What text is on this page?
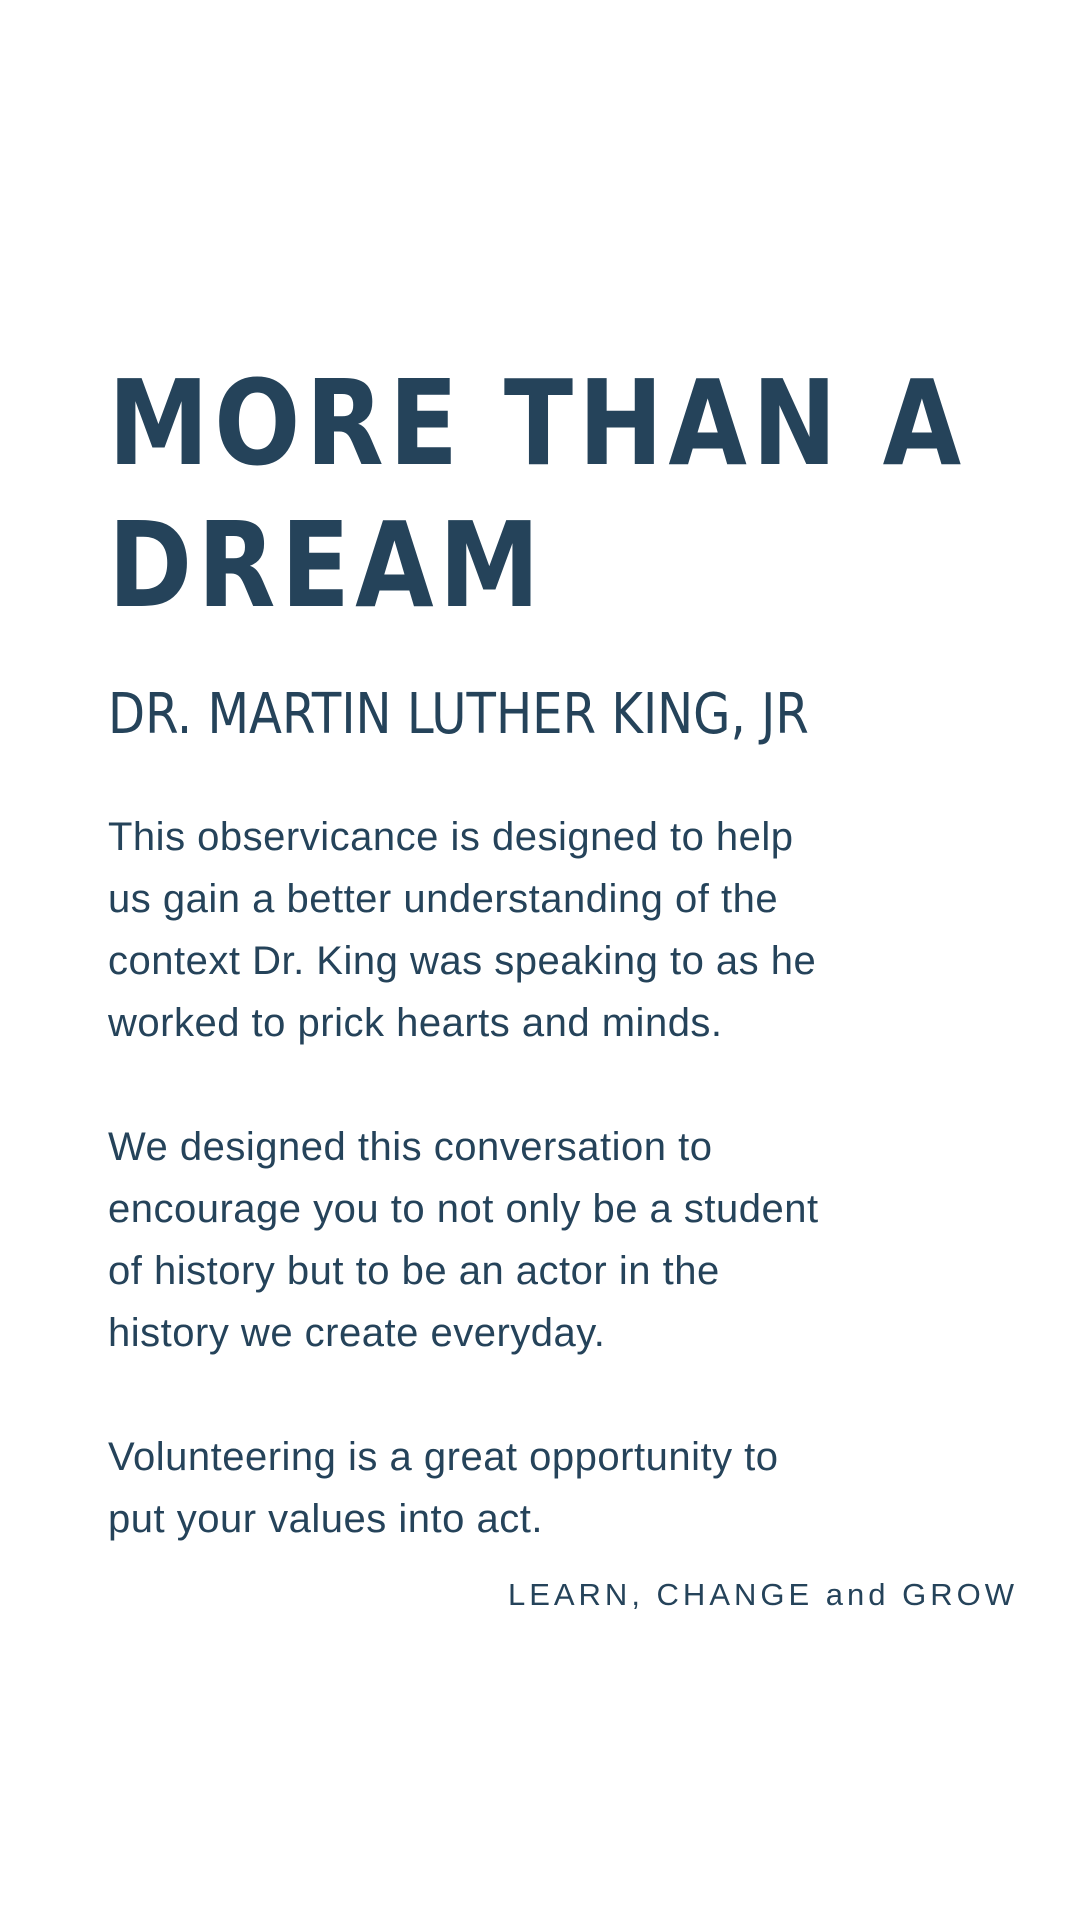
MORE THAN A
DREAM
DR. MARTIN LUTHER KING, JR

This observicance is designed to help
us gain a better understanding of the
context Dr. King was speaking to as he
worked to prick hearts and minds.

We designed this conversation to
encourage you to not only be a student
of history but to be an actor in the
history we create everyday.

Volunteering is a great opportunity to
put your values into act.

LEARN, CHANGE and GROW
